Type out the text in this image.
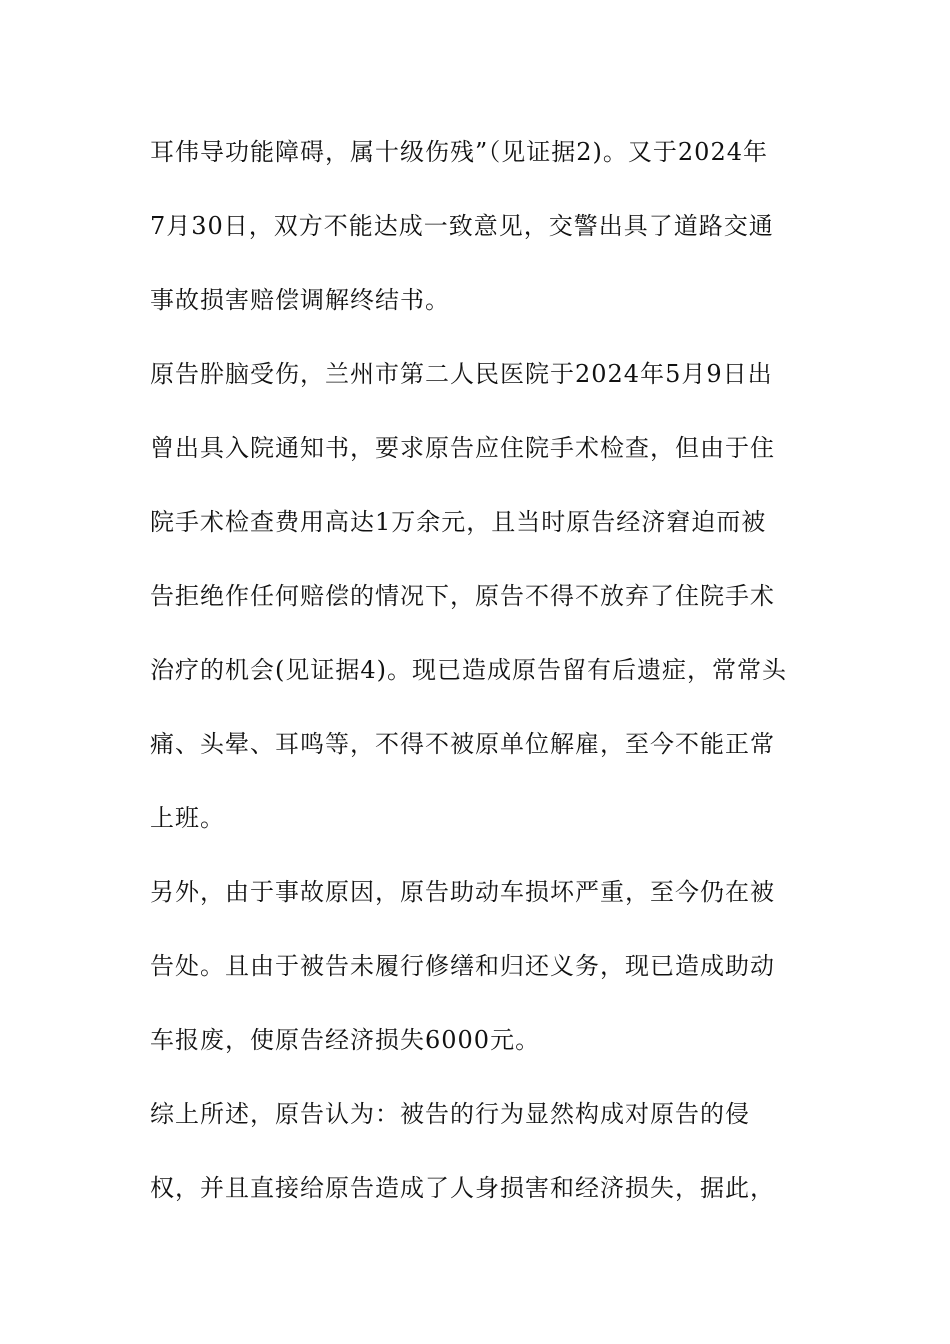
耳伟导功能障碍，属十级伤残”（见证据2)。又于2024年
7月30日，双方不能达成一致意见，交警出具了道路交通
事故损害赔偿调解终结书。
原告肸脑受伤，兰州市第二人民医院于2024年5月9日出
曾出具入院通知书，要求原告应住院手术检查，但由于住
院手术检查费用高达1万余元，且当时原告经济窘迫而被
告拒绝作任何赔偿的情况下，原告不得不放弃了住院手术
治疗的机会(见证据4)。现已造成原告留有后遗症，常常头
痛、头晕、耳鸣等，不得不被原单位解雇，至今不能正常
上班。
另外，由于事故原因，原告助动车损坏严重，至今仍在被
告处。且由于被告未履行修缮和归还义务，现已造成助动
车报废，使原告经济损失6000元。
综上所述，原告认为：被告的行为显然构成对原告的侵
权，并且直接给原告造成了人身损害和经济损失，据此，
